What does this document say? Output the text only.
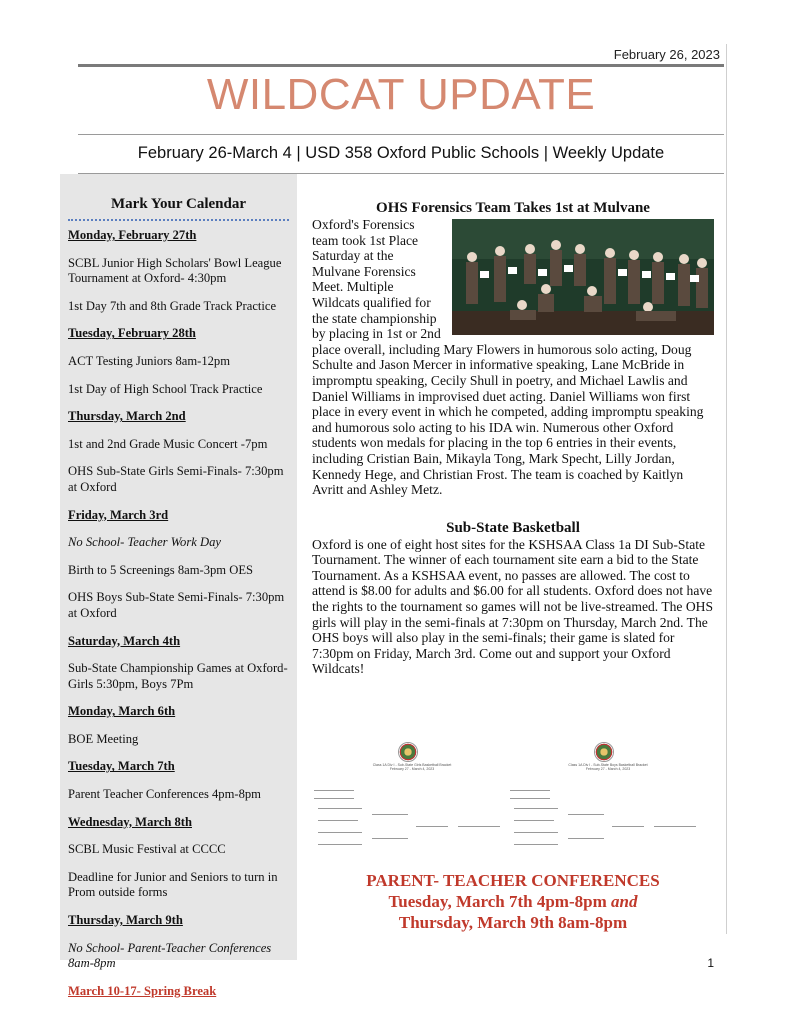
February 26, 2023
WILDCAT UPDATE
February 26-March 4 | USD 358 Oxford Public Schools | Weekly Update
Mark Your Calendar
Monday, February 27th
SCBL Junior High Scholars' Bowl League Tournament at Oxford- 4:30pm
1st Day 7th and 8th Grade Track Practice
Tuesday, February 28th
ACT Testing Juniors 8am-12pm
1st Day of High School Track Practice
Thursday, March 2nd
1st and 2nd Grade Music Concert -7pm
OHS Sub-State Girls Semi-Finals- 7:30pm at Oxford
Friday, March 3rd
No School- Teacher Work Day
Birth to 5 Screenings 8am-3pm OES
OHS Boys Sub-State Semi-Finals- 7:30pm at Oxford
Saturday, March 4th
Sub-State Championship Games at Oxford- Girls 5:30pm, Boys 7Pm
Monday, March 6th
BOE Meeting
Tuesday, March 7th
Parent Teacher Conferences 4pm-8pm
Wednesday, March 8th
SCBL Music Festival at CCCC
Deadline for Junior and Seniors to turn in Prom outside forms
Thursday, March 9th
No School- Parent-Teacher Conferences 8am-8pm
March 10-17- Spring Break
OHS Forensics Team Takes 1st at Mulvane
Oxford's Forensics team took 1st Place Saturday at the Mulvane Forensics Meet. Multiple Wildcats qualified for the state championship by placing in 1st or 2nd place overall, including Mary Flowers in humorous solo acting, Doug Schulte and Jason Mercer in informative speaking, Lane McBride in impromptu speaking, Cecily Shull in poetry, and Michael Lawlis and Daniel Williams in improvised duet acting. Daniel Williams won first place in every event in which he competed, adding impromptu speaking and humorous solo acting to his IDA win. Numerous other Oxford students won medals for placing in the top 6 entries in their events, including Cristian Bain, Mikayla Tong, Mark Specht, Lilly Jordan, Kennedy Hege, and Christian Frost. The team is coached by Kaitlyn Avritt and Ashley Metz.
Sub-State Basketball
Oxford is one of eight host sites for the KSHSAA Class 1a DI Sub-State Tournament. The winner of each tournament site earn a bid to the State Tournament. As a KSHSAA event, no passes are allowed. The cost to attend is $8.00 for adults and $6.00 for all students. Oxford does not have the rights to the tournament so games will not be live-streamed. The OHS girls will play in the semi-finals at 7:30pm on Thursday, March 2nd. The OHS boys will also play in the semi-finals; their game is slated for 7:30pm on Friday, March 3rd. Come out and support your Oxford Wildcats!
Class 1A Div I - Sub-State Girls Basketball Bracket
February 27 - March 4, 2023
Class 1A Div I - Sub-State Boys Basketball Bracket
February 27 - March 4, 2023
PARENT- TEACHER CONFERENCES
Tuesday, March 7th 4pm-8pm and
Thursday, March 9th 8am-8pm
1
